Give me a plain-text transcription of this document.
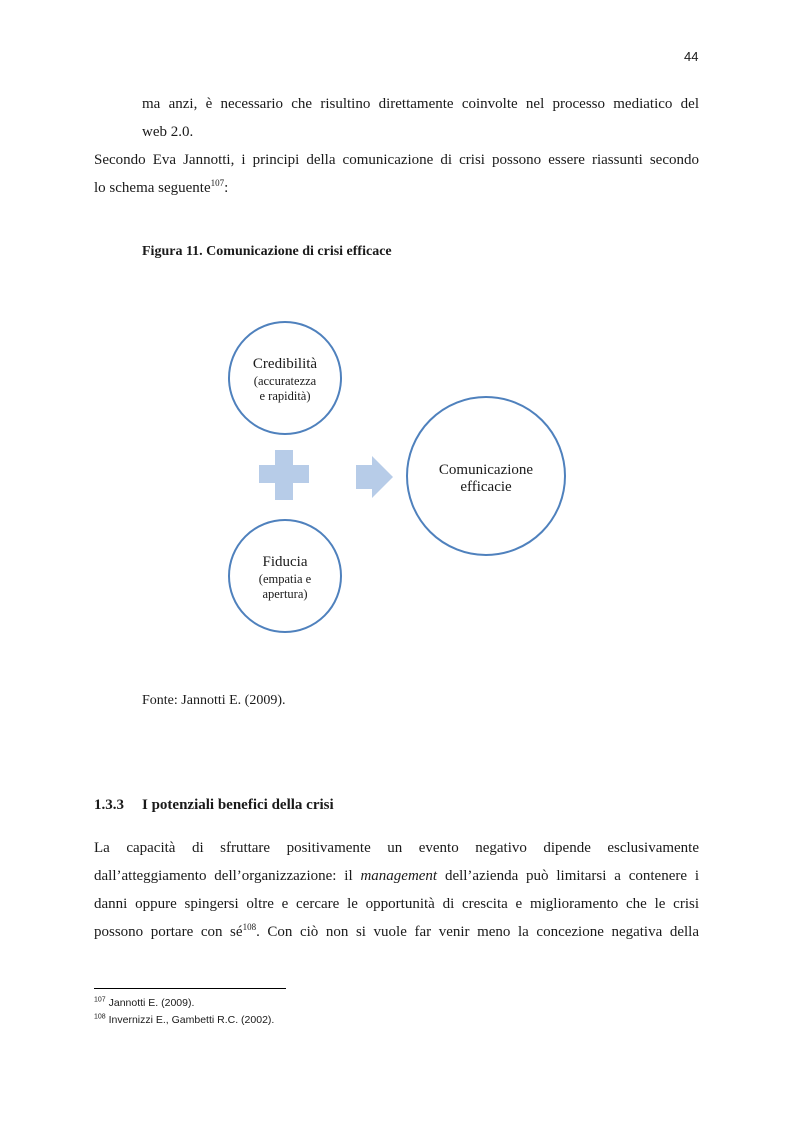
44
ma anzi, è necessario che risultino direttamente coinvolte nel processo mediatico del
web 2.0.
Secondo Eva Jannotti, i principi della comunicazione di crisi possono essere riassunti secondo
lo schema seguente$^{107}$:
Figura 11. Comunicazione di crisi efficace
Credibilità
(accuratezza
e rapidità)
Fiducia
(empatia e
apertura)
Comunicazione
efficacie
Fonte: Jannotti E. (2009).
1.3.3 I potenziali benefici della crisi
La capacità di sfruttare positivamente un evento negativo dipende esclusivamente
dall’atteggiamento dell’organizzazione: il management dell’azienda può limitarsi a contenere i
danni oppure spingersi oltre e cercare le opportunità di crescita e miglioramento che le crisi
possono portare con $sé^{108}$. Con ciò non si vuole far venir meno la concezione negativa della
$^{107}$ Jannotti E. (2009).
$^{108}$ Invernizzi E., Gambetti R.C. (2002).
